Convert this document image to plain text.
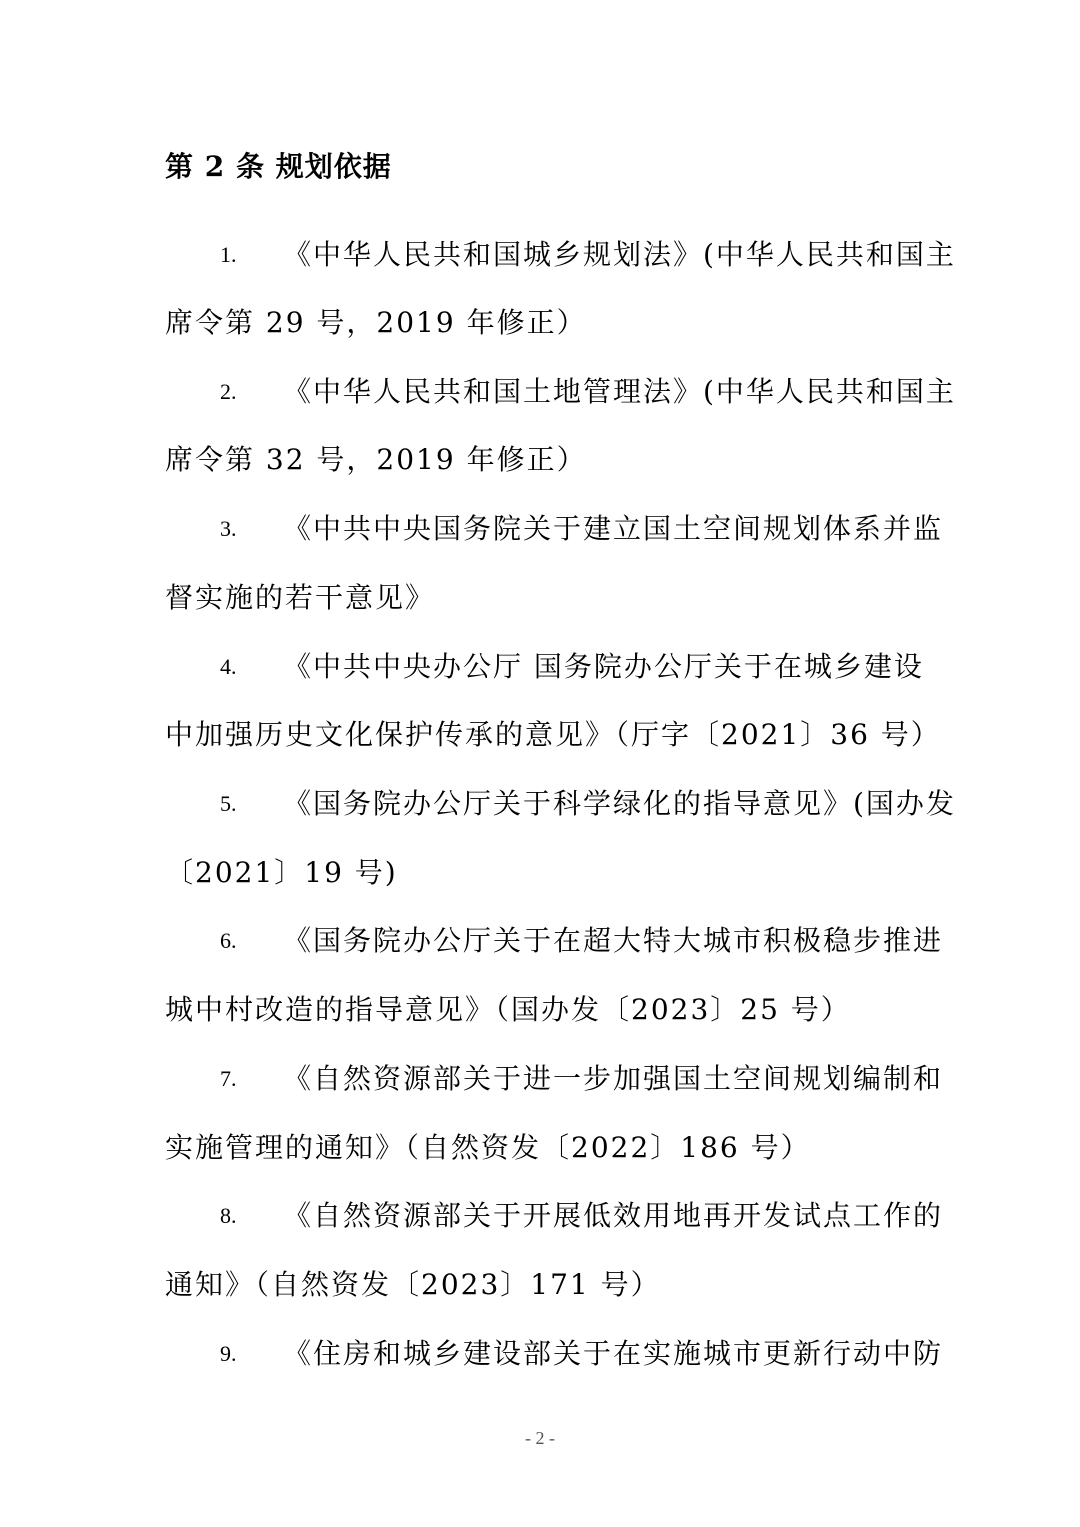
第 2 条 规划依据
1. 《中华人民共和国城乡规划法》(中华人民共和国主
席令第 29 号，2019 年修正）
2. 《中华人民共和国土地管理法》(中华人民共和国主
席令第 32 号，2019 年修正）
3. 《中共中央国务院关于建立国土空间规划体系并监
督实施的若干意见》
4. 《中共中央办公厅 国务院办公厅关于在城乡建设
中加强历史文化保护传承的意见》（厅字〔2021〕36 号）
5. 《国务院办公厅关于科学绿化的指导意见》(国办发
〔2021〕19 号)
6. 《国务院办公厅关于在超大特大城市积极稳步推进
城中村改造的指导意见》（国办发〔2023〕25 号）
7. 《自然资源部关于进一步加强国土空间规划编制和
实施管理的通知》（自然资发〔2022〕186 号）
8. 《自然资源部关于开展低效用地再开发试点工作的
通知》（自然资发〔2023〕171 号）
9. 《住房和城乡建设部关于在实施城市更新行动中防
- 2 -
